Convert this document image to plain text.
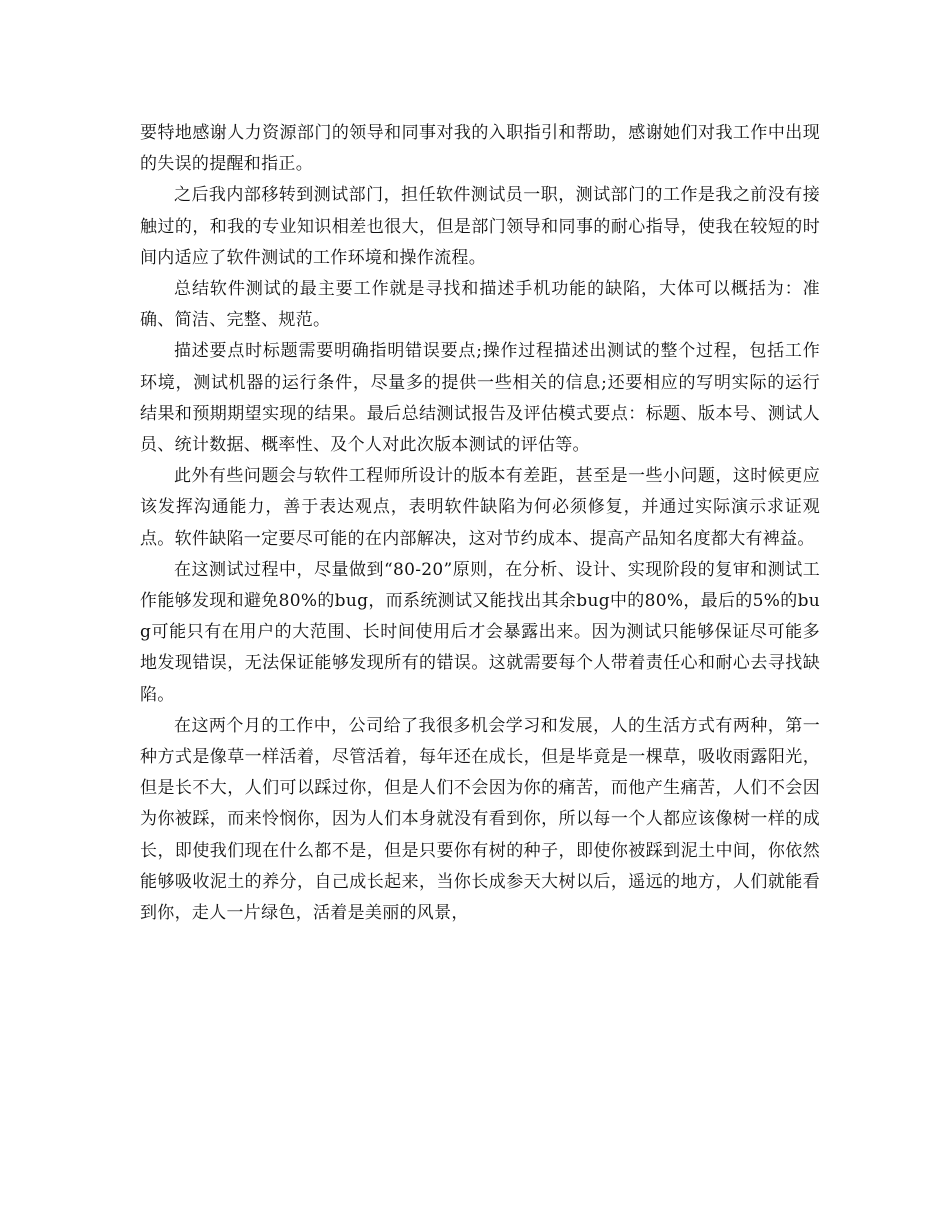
要特地感谢人力资源部门的领导和同事对我的入职指引和帮助，感谢她们对我工作中出现的失误的提醒和指正。

之后我内部移转到测试部门，担任软件测试员一职，测试部门的工作是我之前没有接触过的，和我的专业知识相差也很大，但是部门领导和同事的耐心指导，使我在较短的时间内适应了软件测试的工作环境和操作流程。

总结软件测试的最主要工作就是寻找和描述手机功能的缺陷，大体可以概括为：准确、简洁、完整、规范。

描述要点时标题需要明确指明错误要点;操作过程描述出测试的整个过程，包括工作环境，测试机器的运行条件，尽量多的提供一些相关的信息;还要相应的写明实际的运行结果和预期期望实现的结果。最后总结测试报告及评估模式要点：标题、版本号、测试人员、统计数据、概率性、及个人对此次版本测试的评估等。

此外有些问题会与软件工程师所设计的版本有差距，甚至是一些小问题，这时候更应该发挥沟通能力，善于表达观点，表明软件缺陷为何必须修复，并通过实际演示求证观点。软件缺陷一定要尽可能的在内部解决，这对节约成本、提高产品知名度都大有裨益。

在这测试过程中，尽量做到“80-20”原则，在分析、设计、实现阶段的复审和测试工作能够发现和避免80%的bug，而系统测试又能找出其余bug中的80%，最后的5%的bug可能只有在用户的大范围、长时间使用后才会暴露出来。因为测试只能够保证尽可能多地发现错误，无法保证能够发现所有的错误。这就需要每个人带着责任心和耐心去寻找缺陷。

在这两个月的工作中，公司给了我很多机会学习和发展，人的生活方式有两种，第一种方式是像草一样活着，尽管活着，每年还在成长，但是毕竟是一棵草，吸收雨露阳光，但是长不大，人们可以踩过你，但是人们不会因为你的痛苦，而他产生痛苦，人们不会因为你被踩，而来怜悯你，因为人们本身就没有看到你，所以每一个人都应该像树一样的成长，即使我们现在什么都不是，但是只要你有树的种子，即使你被踩到泥土中间，你依然能够吸收泥土的养分，自己成长起来，当你长成参天大树以后，遥远的地方，人们就能看到你，走人一片绿色，活着是美丽的风景，
